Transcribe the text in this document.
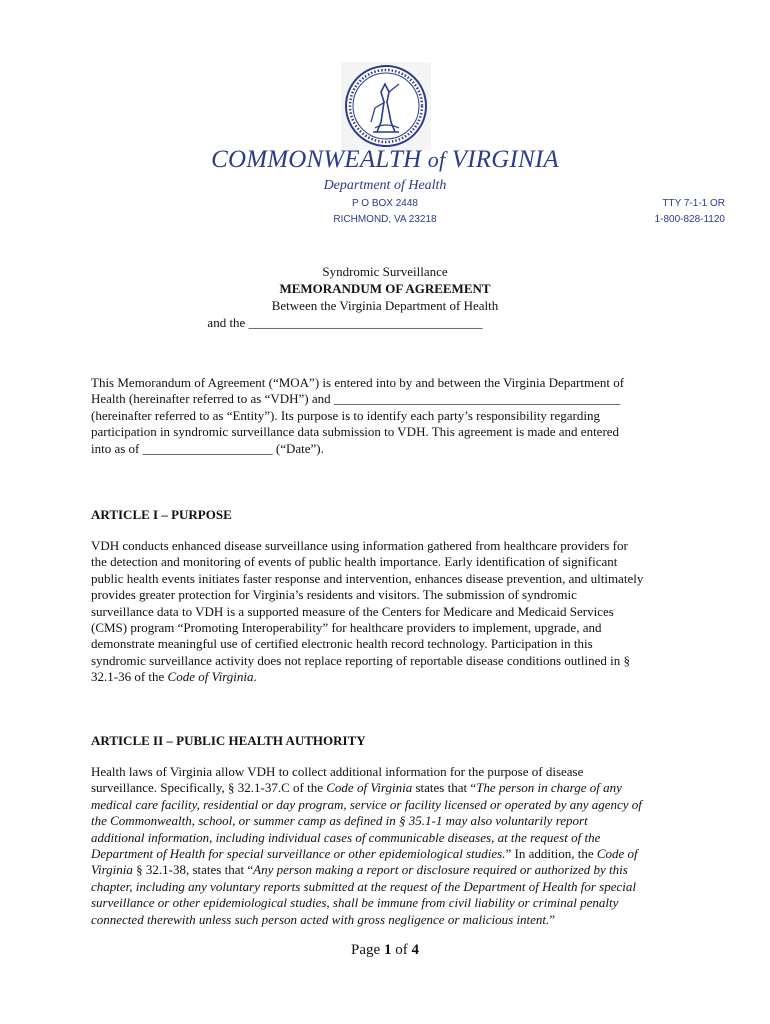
COMMONWEALTH of VIRGINIA
Department of Health
P O BOX 2448
RICHMOND, VA 23218
TTY 7-1-1 OR
1-800-828-1120
Syndromic Surveillance
MEMORANDUM OF AGREEMENT
Between the Virginia Department of Health
and the ____________________________________
This Memorandum of Agreement (“MOA”) is entered into by and between the Virginia Department of
Health (hereinafter referred to as “VDH”) and ____________________________________________
(hereinafter referred to as “Entity”). Its purpose is to identify each party’s responsibility regarding
participation in syndromic surveillance data submission to VDH. This agreement is made and entered
into as of ____________________ (“Date”).
ARTICLE I – PURPOSE
VDH conducts enhanced disease surveillance using information gathered from healthcare providers for
the detection and monitoring of events of public health importance. Early identification of significant
public health events initiates faster response and intervention, enhances disease prevention, and ultimately
provides greater protection for Virginia’s residents and visitors. The submission of syndromic
surveillance data to VDH is a supported measure of the Centers for Medicare and Medicaid Services
(CMS) program “Promoting Interoperability” for healthcare providers to implement, upgrade, and
demonstrate meaningful use of certified electronic health record technology. Participation in this
syndromic surveillance activity does not replace reporting of reportable disease conditions outlined in §
32.1-36 of the Code of Virginia.
ARTICLE II – PUBLIC HEALTH AUTHORITY
Health laws of Virginia allow VDH to collect additional information for the purpose of disease
surveillance. Specifically, § 32.1-37.C of the Code of Virginia states that “The person in charge of any
medical care facility, residential or day program, service or facility licensed or operated by any agency of
the Commonwealth, school, or summer camp as defined in § 35.1-1 may also voluntarily report
additional information, including individual cases of communicable diseases, at the request of the
Department of Health for special surveillance or other epidemiological studies.” In addition, the Code of
Virginia § 32.1-38, states that “Any person making a report or disclosure required or authorized by this
chapter, including any voluntary reports submitted at the request of the Department of Health for special
surveillance or other epidemiological studies, shall be immune from civil liability or criminal penalty
connected therewith unless such person acted with gross negligence or malicious intent.”
Page 1 of 4
